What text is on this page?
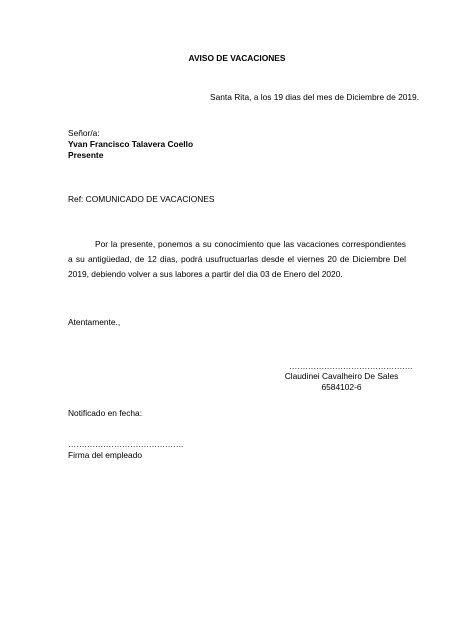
AVISO DE VACACIONES
Santa Rita, a los 19 dias del mes de Diciembre de 2019.
Señor/a:
Yvan Francisco Talavera Coello
Presente
Ref: COMUNICADO DE VACACIONES

Por la presente, ponemos a su conocimiento que las vacaciones correspondientes a su antigüedad, de 12 dias, podrá usufructuarlas desde el viernes 20 de Diciembre Del 2019, debiendo volver a sus labores a partir del dia 03 de Enero del 2020.

Atentamente.,
……………………………………….
Claudinei Cavalheiro De Sales
6584102-6
Notificado en fecha:
…………………………………….
Firma del empleado
